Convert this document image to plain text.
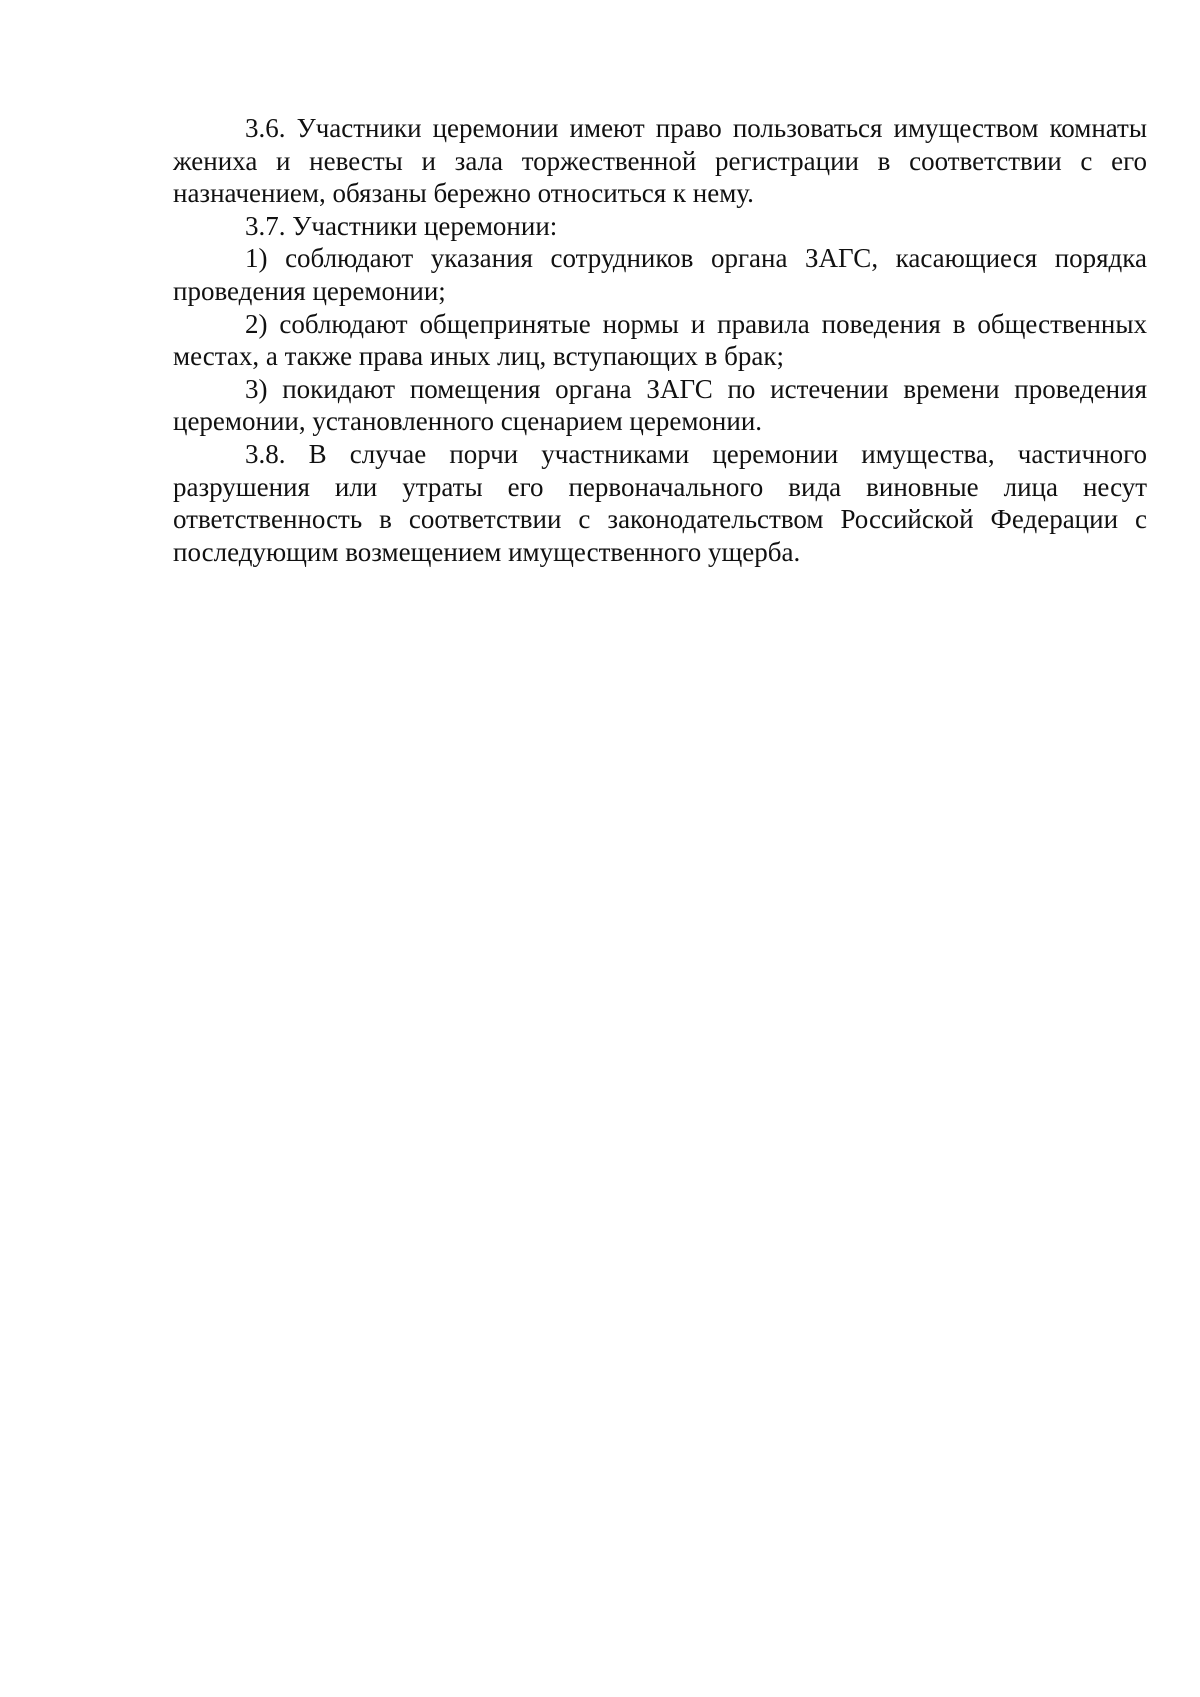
3.6. Участники церемонии имеют право пользоваться имуществом комнаты жениха и невесты и зала торжественной регистрации в соответствии с его назначением, обязаны бережно относиться к нему.

3.7. Участники церемонии:

1) соблюдают указания сотрудников органа ЗАГС, касающиеся порядка проведения церемонии;

2) соблюдают общепринятые нормы и правила поведения в общественных местах, а также права иных лиц, вступающих в брак;

3) покидают помещения органа ЗАГС по истечении времени проведения церемонии, установленного сценарием церемонии.

3.8. В случае порчи участниками церемонии имущества, частичного разрушения или утраты его первоначального вида виновные лица несут ответственность в соответствии с законодательством Российской Федерации с последующим возмещением имущественного ущерба.
